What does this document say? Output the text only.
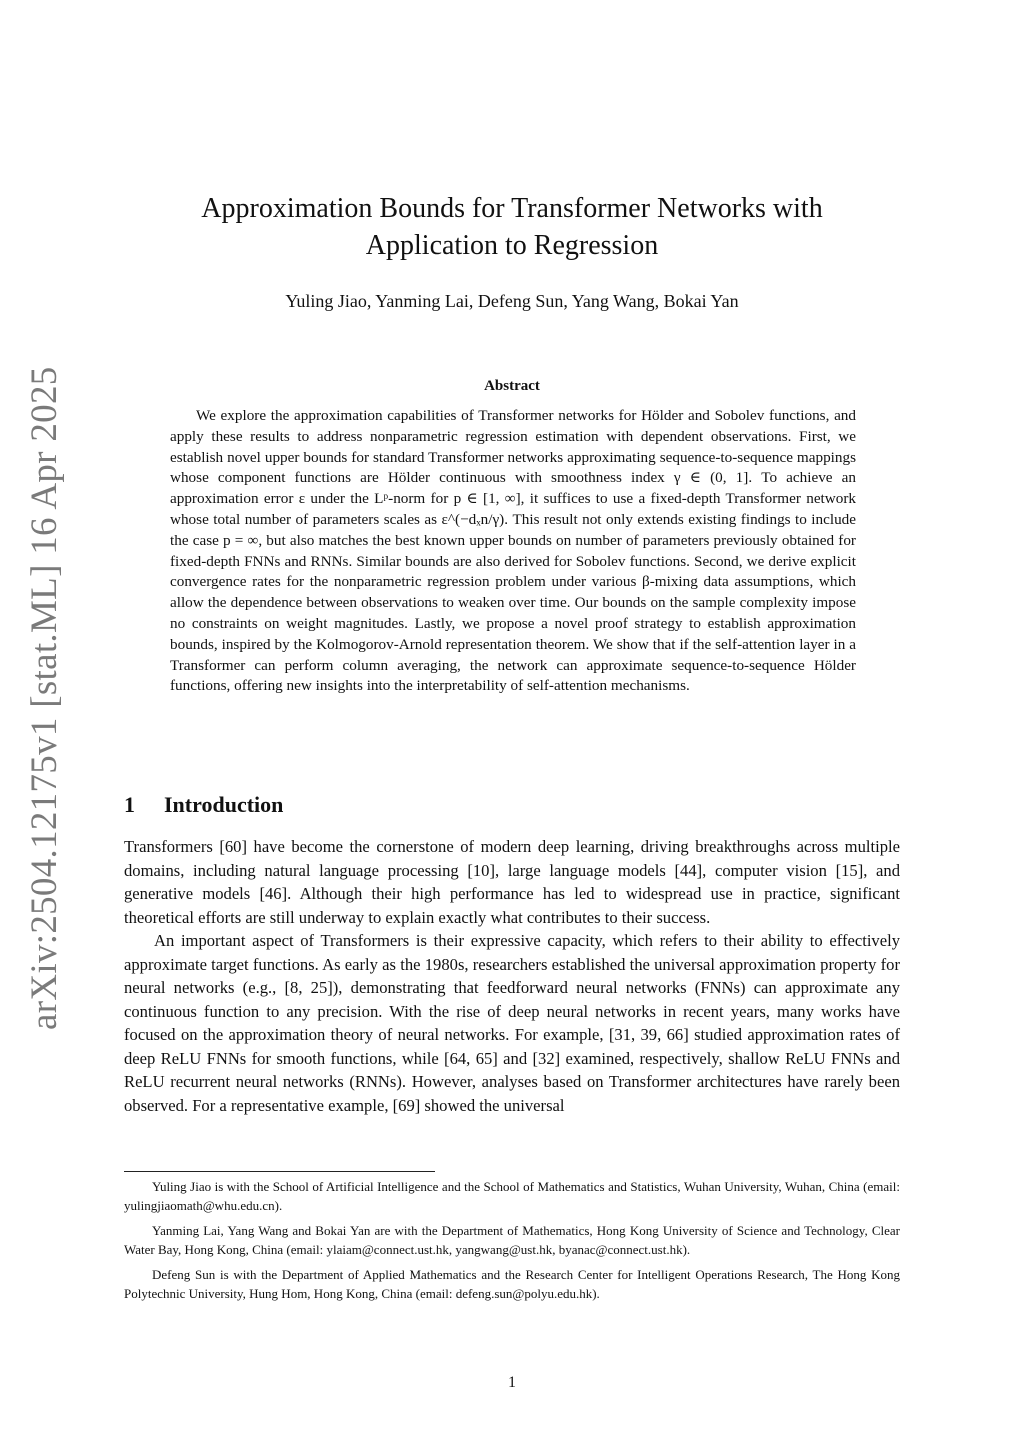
arXiv:2504.12175v1 [stat.ML] 16 Apr 2025
Approximation Bounds for Transformer Networks with
Application to Regression
Yuling Jiao, Yanming Lai, Defeng Sun, Yang Wang, Bokai Yan
Abstract

We explore the approximation capabilities of Transformer networks for Hölder and Sobolev functions, and apply these results to address nonparametric regression estimation with dependent observations. First, we establish novel upper bounds for standard Transformer networks approximating sequence-to-sequence mappings whose component functions are Hölder continuous with smoothness index γ ∈ (0, 1]. To achieve an approximation error ε under the Lᵖ-norm for p ∈ [1, ∞], it suffices to use a fixed-depth Transformer network whose total number of parameters scales as ε^(−dₓn/γ). This result not only extends existing findings to include the case p = ∞, but also matches the best known upper bounds on number of parameters previously obtained for fixed-depth FNNs and RNNs. Similar bounds are also derived for Sobolev functions. Second, we derive explicit convergence rates for the nonparametric regression problem under various β-mixing data assumptions, which allow the dependence between observations to weaken over time. Our bounds on the sample complexity impose no constraints on weight magnitudes. Lastly, we propose a novel proof strategy to establish approximation bounds, inspired by the Kolmogorov-Arnold representation theorem. We show that if the self-attention layer in a Transformer can perform column averaging, the network can approximate sequence-to-sequence Hölder functions, offering new insights into the interpretability of self-attention mechanisms.

1 Introduction

Transformers [60] have become the cornerstone of modern deep learning, driving breakthroughs across multiple domains, including natural language processing [10], large language models [44], computer vision [15], and generative models [46]. Although their high performance has led to widespread use in practice, significant theoretical efforts are still underway to explain exactly what contributes to their success.

An important aspect of Transformers is their expressive capacity, which refers to their ability to effectively approximate target functions. As early as the 1980s, researchers established the universal approximation property for neural networks (e.g., [8, 25]), demonstrating that feedforward neural networks (FNNs) can approximate any continuous function to any precision. With the rise of deep neural networks in recent years, many works have focused on the approximation theory of neural networks. For example, [31, 39, 66] studied approximation rates of deep ReLU FNNs for smooth functions, while [64, 65] and [32] examined, respectively, shallow ReLU FNNs and ReLU recurrent neural networks (RNNs). However, analyses based on Transformer architectures have rarely been observed. For a representative example, [69] showed the universal

Yuling Jiao is with the School of Artificial Intelligence and the School of Mathematics and Statistics, Wuhan University, Wuhan, China (email: yulingjiaomath@whu.edu.cn).

Yanming Lai, Yang Wang and Bokai Yan are with the Department of Mathematics, Hong Kong University of Science and Technology, Clear Water Bay, Hong Kong, China (email: ylaiam@connect.ust.hk, yangwang@ust.hk, byanac@connect.ust.hk).

Defeng Sun is with the Department of Applied Mathematics and the Research Center for Intelligent Operations Research, The Hong Kong Polytechnic University, Hung Hom, Hong Kong, China (email: defeng.sun@polyu.edu.hk).

1
